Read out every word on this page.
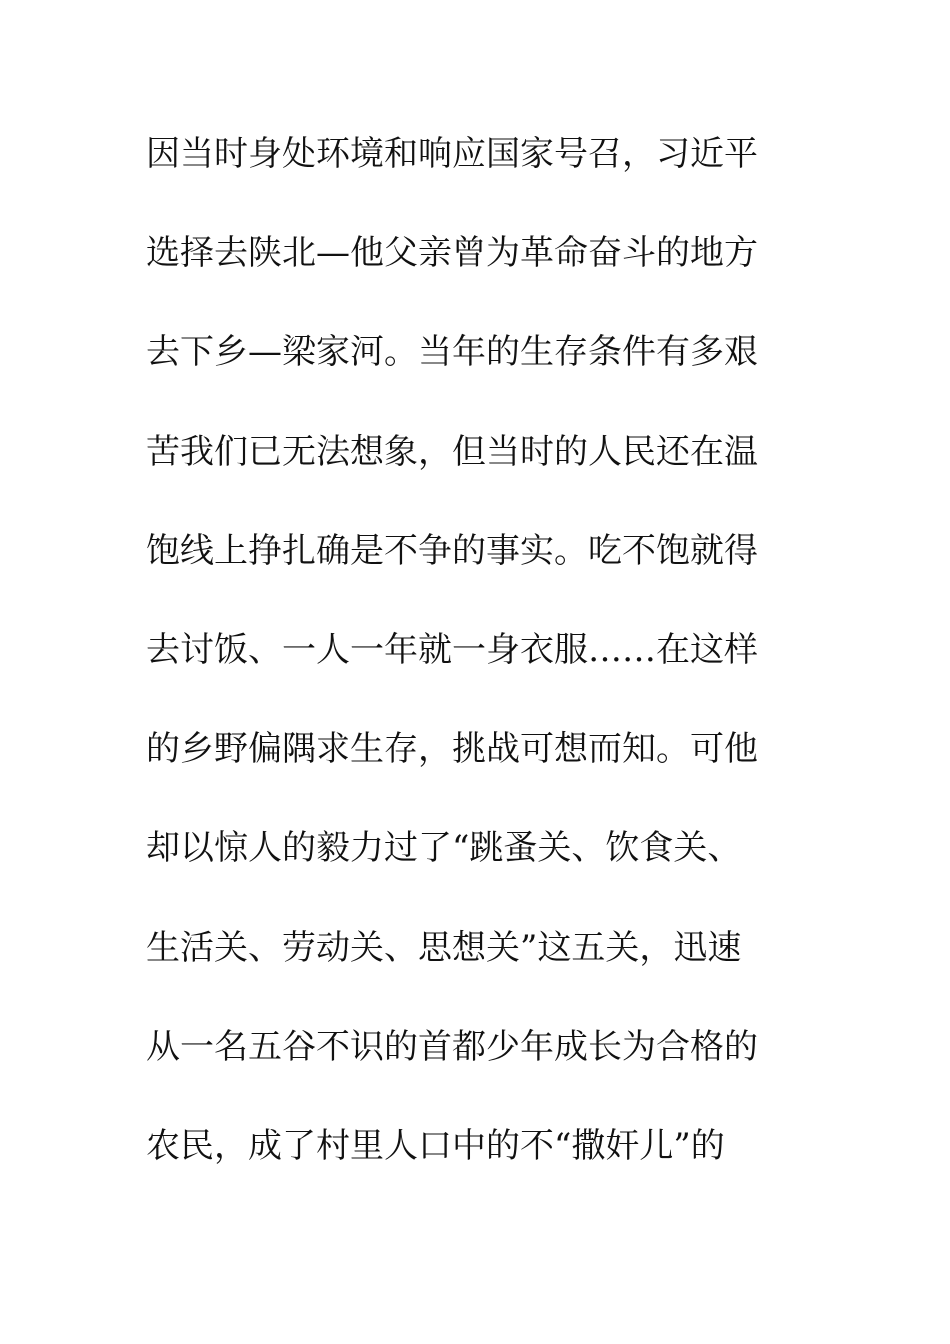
因当时身处环境和响应国家号召，习近平
选择去陕北—他父亲曾为革命奋斗的地方
去下乡—梁家河。当年的生存条件有多艰
苦我们已无法想象，但当时的人民还在温
饱线上挣扎确是不争的事实。吃不饱就得
去讨饭、一人一年就一身衣服……在这样
的乡野偏隅求生存，挑战可想而知。可他
却以惊人的毅力过了“跳蚤关、饮食关、
生活关、劳动关、思想关”这五关，迅速
从一名五谷不识的首都少年成长为合格的
农民，成了村里人口中的不“撒奸儿”的
